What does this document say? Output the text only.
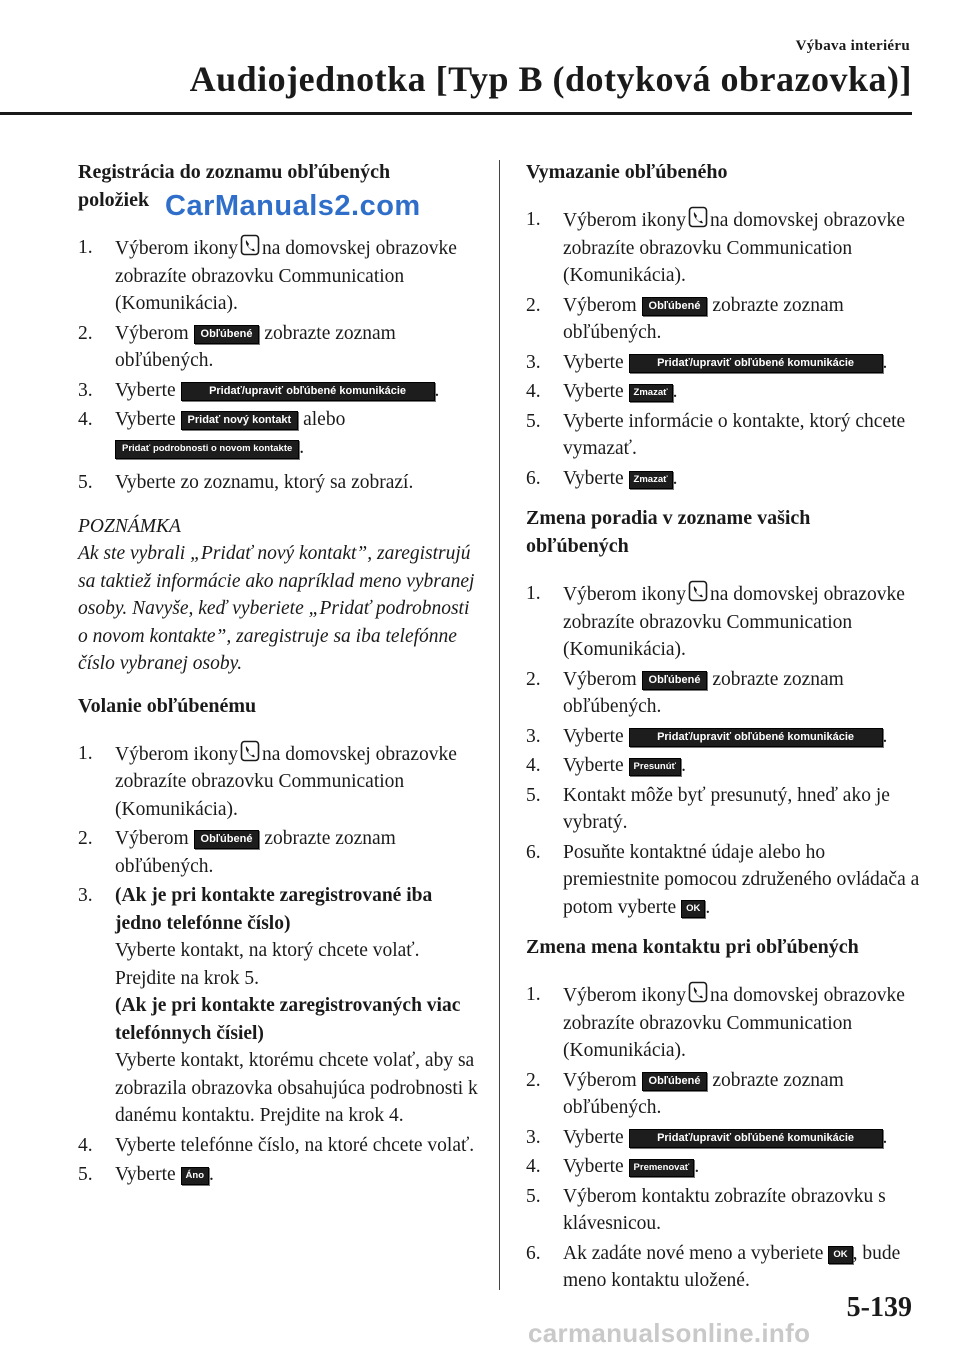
Výbava interiéru
Audiojednotka [Typ B (dotyková obrazovka)]
Registrácia do zoznamu obľúbených
položiek
1. Výberom ikony na domovskej obrazovke zobrazíte obrazovku Communication (Komunikácia).
2. Výberom Obľúbené zobrazte zoznam obľúbených.
3. Vyberte	Pridať/upraviť obľúbené komunikácie .
4. Vyberte Pridať nový kontakt alebo
Pridať podrobnosti o novom kontakte .
5. Vyberte zo zoznamu, ktorý sa zobrazí.
POZNÁMKA
Ak ste vybrali „Pridať nový kontakt”, zaregistrujú sa taktiež informácie ako napríklad meno vybranej osoby. Navyše, keď vyberiete „Pridať podrobnosti o novom kontakte”, zaregistruje sa iba telefónne číslo vybranej osoby.
Volanie obľúbenému
1. Výberom ikony na domovskej obrazovke zobrazíte obrazovku Communication (Komunikácia).
2. Výberom Obľúbené zobrazte zoznam obľúbených.
3. (Ak je pri kontakte zaregistrované iba jedno telefónne číslo)
Vyberte kontakt, na ktorý chcete volať. Prejdite na krok 5.
(Ak je pri kontakte zaregistrovaných viac telefónnych čísiel)
Vyberte kontakt, ktorému chcete volať, aby sa zobrazila obrazovka obsahujúca podrobnosti k danému kontaktu. Prejdite na krok 4.
4. Vyberte telefónne číslo, na ktoré chcete volať.
5. Vyberte Áno .
Vymazanie obľúbeného
1. Výberom ikony na domovskej obrazovke zobrazíte obrazovku Communication (Komunikácia).
2. Výberom Obľúbené zobrazte zoznam obľúbených.
3. Vyberte	Pridať/upraviť obľúbené komunikácie .
4. Vyberte Zmazať .
5. Vyberte informácie o kontakte, ktorý chcete vymazať.
6. Vyberte Zmazať .
Zmena poradia v zozname vašich
obľúbených
1. Výberom ikony na domovskej obrazovke zobrazíte obrazovku Communication (Komunikácia).
2. Výberom Obľúbené zobrazte zoznam obľúbených.
3. Vyberte	Pridať/upraviť obľúbené komunikácie .
4. Vyberte Presunúť .
5. Kontakt môže byť presunutý, hneď ako je vybratý.
6. Posuňte kontaktné údaje alebo ho premiestnite pomocou združeného ovládača a potom vyberte OK .
Zmena mena kontaktu pri obľúbených
1. Výberom ikony na domovskej obrazovke zobrazíte obrazovku Communication (Komunikácia).
2. Výberom Obľúbené zobrazte zoznam obľúbených.
3. Vyberte	Pridať/upraviť obľúbené komunikácie .
4. Vyberte Premenovať .
5. Výberom kontaktu zobrazíte obrazovku s klávesnicou.
6. Ak zadáte nové meno a vyberiete OK , bude meno kontaktu uložené.
CarManuals2.com
5-139
carmanualsonline.info
